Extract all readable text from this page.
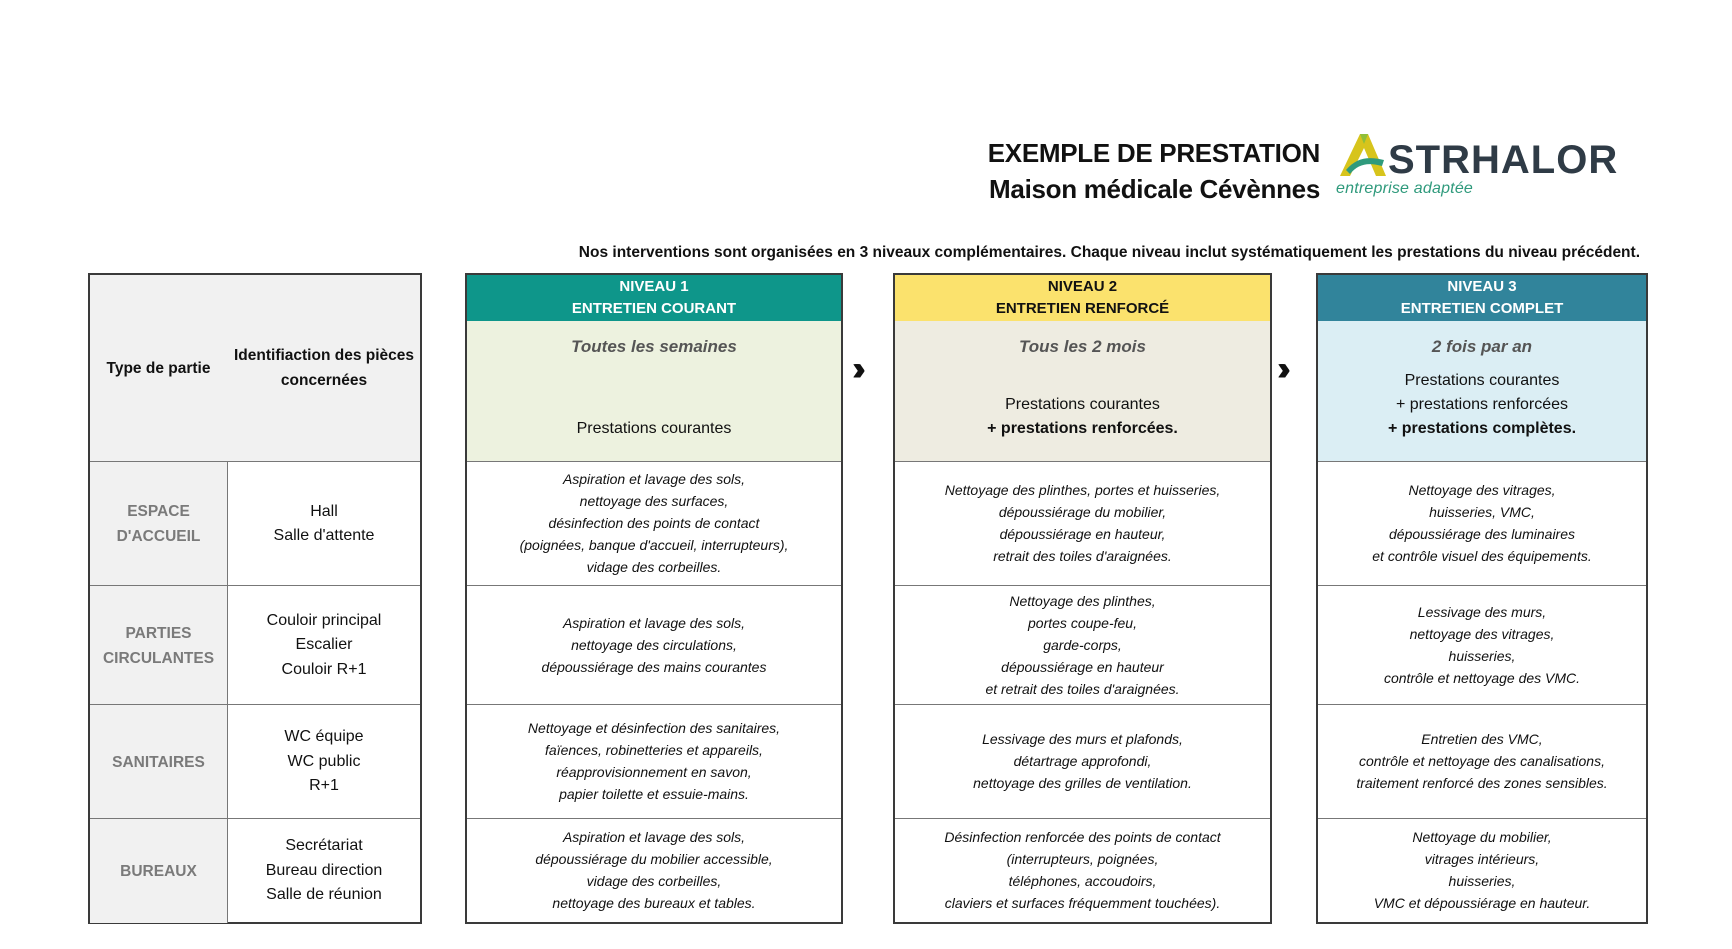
EXEMPLE DE PRESTATION
Maison médicale Cévènnes
STRHALOR
entreprise adaptée
Nos interventions sont organisées en 3 niveaux complémentaires. Chaque niveau inclut systématiquement les prestations du niveau précédent.
Type de partie
Identifiaction des pièces
concernées
ESPACE
D'ACCUEIL
Hall
Salle d'attente
PARTIES
CIRCULANTES
Couloir principal
Escalier
Couloir R+1
SANITAIRES
WC équipe
WC public
R+1
BUREAUX
Secrétariat
Bureau direction
Salle de réunion
NIVEAU 1
ENTRETIEN COURANT
Toutes les semaines
Prestations courantes
Aspiration et lavage des sols,
nettoyage des surfaces,
désinfection des points de contact
(poignées, banque d'accueil, interrupteurs),
vidage des corbeilles.
Aspiration et lavage des sols,
nettoyage des circulations,
dépoussiérage des mains courantes
Nettoyage et désinfection des sanitaires,
faïences, robinetteries et appareils,
réapprovisionnement en savon,
papier toilette et essuie-mains.
Aspiration et lavage des sols,
dépoussiérage du mobilier accessible,
vidage des corbeilles,
nettoyage des bureaux et tables.
›››
NIVEAU 2
ENTRETIEN RENFORCÉ
Tous les 2 mois
Prestations courantes
+ prestations renforcées.
Nettoyage des plinthes, portes et huisseries,
dépoussiérage du mobilier,
dépoussiérage en hauteur,
retrait des toiles d'araignées.
Nettoyage des plinthes,
portes coupe-feu,
garde-corps,
dépoussiérage en hauteur
et retrait des toiles d'araignées.
Lessivage des murs et plafonds,
détartrage approfondi,
nettoyage des grilles de ventilation.
Désinfection renforcée des points de contact
(interrupteurs, poignées,
téléphones, accoudoirs,
claviers et surfaces fréquemment touchées).
›››
NIVEAU 3
ENTRETIEN COMPLET
2 fois par an
Prestations courantes
+ prestations renforcées
+ prestations complètes.
Nettoyage des vitrages,
huisseries, VMC,
dépoussiérage des luminaires
et contrôle visuel des équipements.
Lessivage des murs,
nettoyage des vitrages,
huisseries,
contrôle et nettoyage des VMC.
Entretien des VMC,
contrôle et nettoyage des canalisations,
traitement renforcé des zones sensibles.
Nettoyage du mobilier,
vitrages intérieurs,
huisseries,
VMC et dépoussiérage en hauteur.
